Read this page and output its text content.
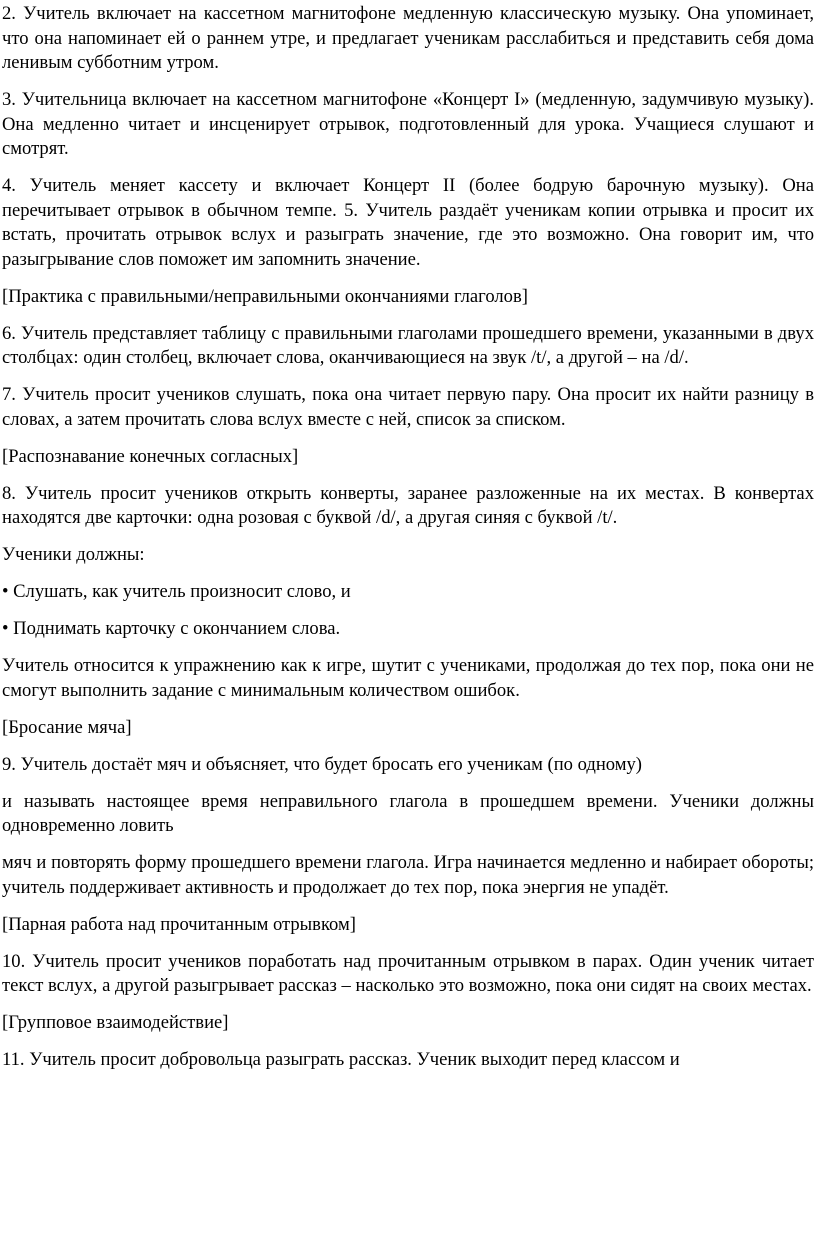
2. Учитель включает на кассетном магнитофоне медленную классическую музыку. Она упоминает, что она напоминает ей о раннем утре, и предлагает ученикам расслабиться и представить себя дома ленивым субботним утром.

3. Учительница включает на кассетном магнитофоне «Концерт I» (медленную, задумчивую музыку). Она медленно читает и инсценирует отрывок, подготовленный для урока. Учащиеся слушают и смотрят.

4. Учитель меняет кассету и включает Концерт II (более бодрую барочную музыку). Она перечитывает отрывок в обычном темпе. 5. Учитель раздаёт ученикам копии отрывка и просит их встать, прочитать отрывок вслух и разыграть значение, где это возможно. Она говорит им, что разыгрывание слов поможет им запомнить значение.

[Практика с правильными/неправильными окончаниями глаголов]

6. Учитель представляет таблицу с правильными глаголами прошедшего времени, указанными в двух столбцах: один столбец, включает слова, оканчивающиеся на звук /t/, а другой – на /d/.

7. Учитель просит учеников слушать, пока она читает первую пару. Она просит их найти разницу в словах, а затем прочитать слова вслух вместе с ней, список за списком.

[Распознавание конечных согласных]

8. Учитель просит учеников открыть конверты, заранее разложенные на их местах. В конвертах находятся две карточки: одна розовая с буквой /d/, а другая синяя с буквой /t/.

Ученики должны:

• Слушать, как учитель произносит слово, и

• Поднимать карточку с окончанием слова.

Учитель относится к упражнению как к игре, шутит с учениками, продолжая до тех пор, пока они не смогут выполнить задание с минимальным количеством ошибок.

[Бросание мяча]

9. Учитель достаёт мяч и объясняет, что будет бросать его ученикам (по одному)

и называть настоящее время неправильного глагола в прошедшем времени. Ученики должны одновременно ловить

мяч и повторять форму прошедшего времени глагола. Игра начинается медленно и набирает обороты; учитель поддерживает активность и продолжает до тех пор, пока энергия не упадёт.

[Парная работа над прочитанным отрывком]

10. Учитель просит учеников поработать над прочитанным отрывком в парах. Один ученик читает текст вслух, а другой разыгрывает рассказ – насколько это возможно, пока они сидят на своих местах.

[Групповое взаимодействие]

11. Учитель просит добровольца разыграть рассказ. Ученик выходит перед классом и
